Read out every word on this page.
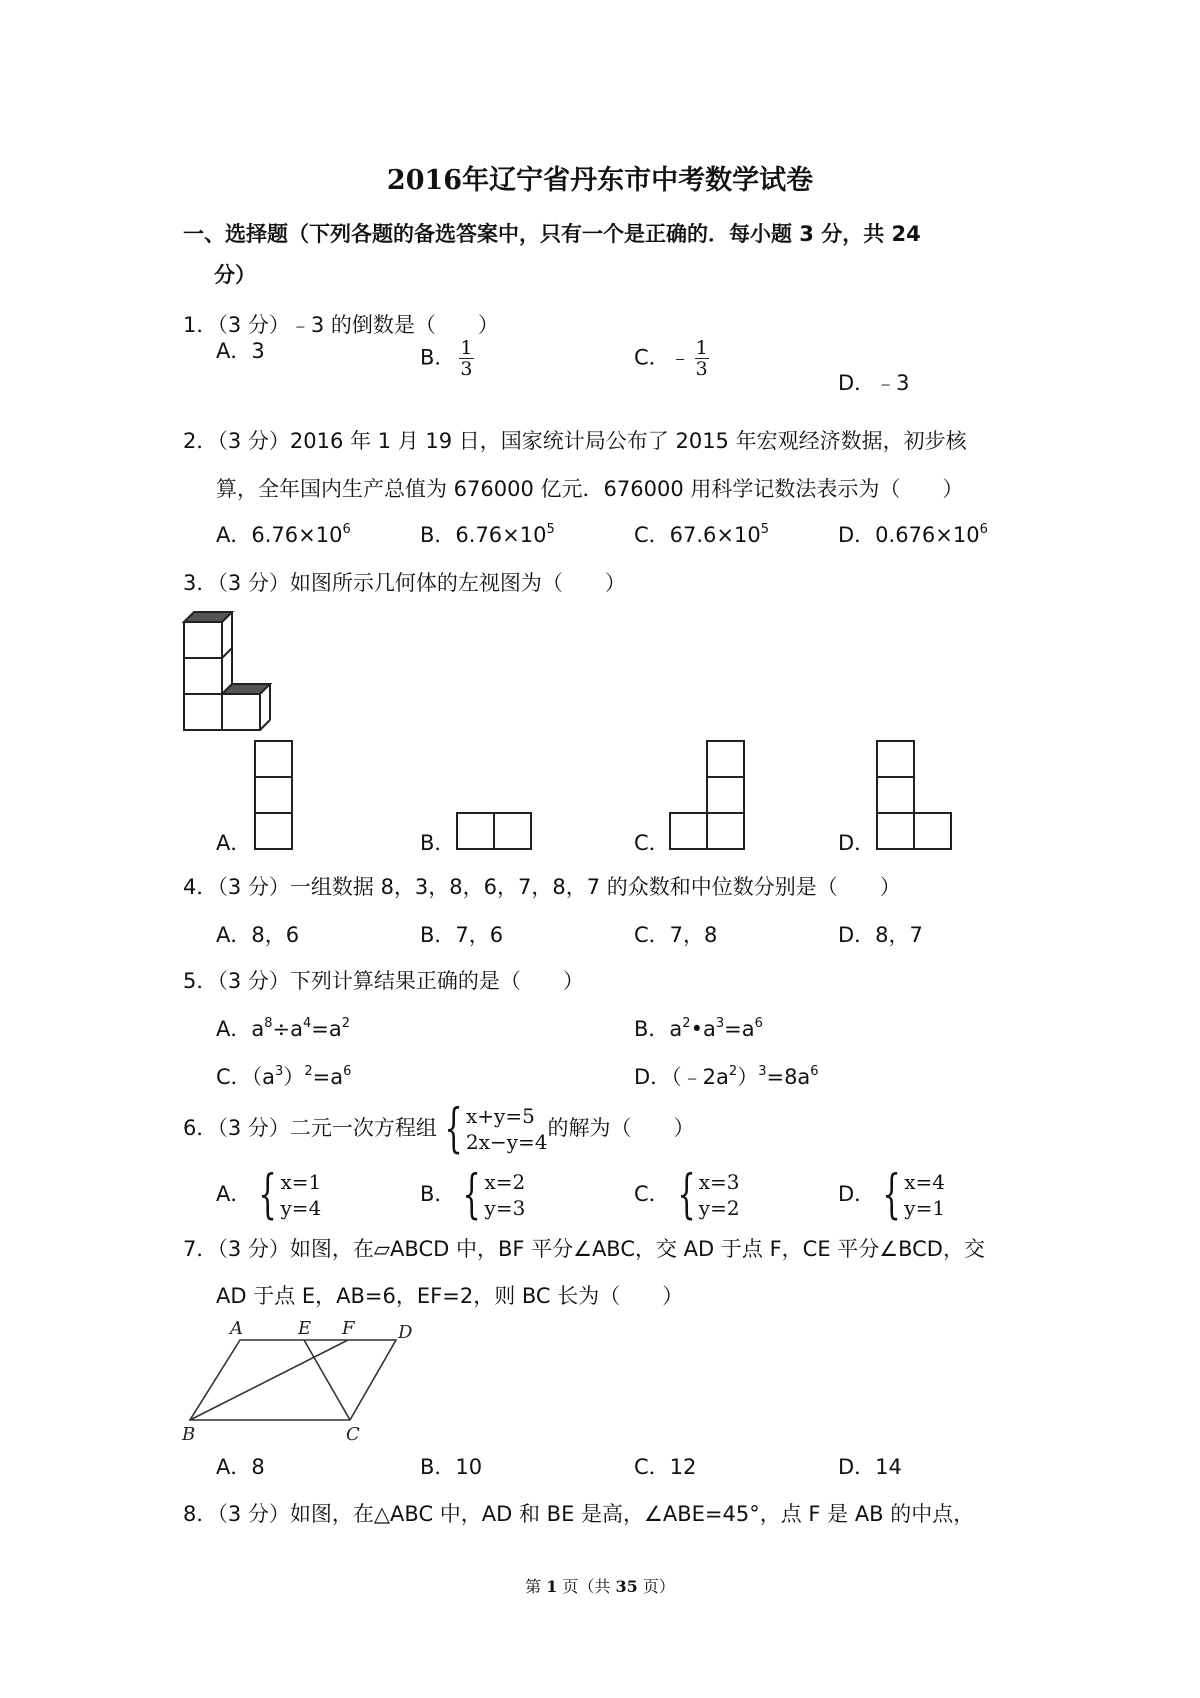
2016年辽宁省丹东市中考数学试卷
一、选择题（下列各题的备选答案中，只有一个是正确的．每小题 3 分，共 24
分）
1．（3 分）﹣3 的倒数是（　　）
A．3	B． $\frac{1}{3}$	C．﹣ $\frac{1}{3}$
D．﹣3
2．（3 分）2016 年 1 月 19 日，国家统计局公布了 2015 年宏观经济数据，初步核
算，全年国内生产总值为 676000 亿元．676000 用科学记数法表示为（　　）
A．$6.76\times 10^6$	B．$6.76\times 10^5$	C．$67.6\times 10^5$	D．$0.676\times 10^6$
3．（3 分）如图所示几何体的左视图为（　　）
A．	B．	C．	D．
4．（3 分）一组数据 8，3，8，6，7，8，7 的众数和中位数分别是（　　）
A．8，6	B．7，6	C．7，8	D．8，7
5．（3 分）下列计算结果正确的是（　　）
A．$a^8\div a^4=a^2$	B．$a^2•a^3=a^6$
C．$(a^3)^2=a^6$	D．$(﹣2a^2)^3=8a^6$
6．（3 分）二元一次方程组 { x+y=5
2x−y=4
的解为（　　）
A． { x=1
y=4
B． { x=2
y=3
C． { x=3
y=2
D． { x=4
y=1
7．（3 分）如图，在▱ABCD 中，BF 平分∠ABC，交 AD 于点 F，CE 平分∠BCD，交
AD 于点 E，AB=6，EF=2，则 BC 长为（　　）
A	E F D
B	C
A．8	B．10	C．12	D．14
8．（3 分）如图，在△ABC 中，AD 和 BE 是高，∠ABE=45°，点 F 是 AB 的中点，
第 1 页（共 35 页）
